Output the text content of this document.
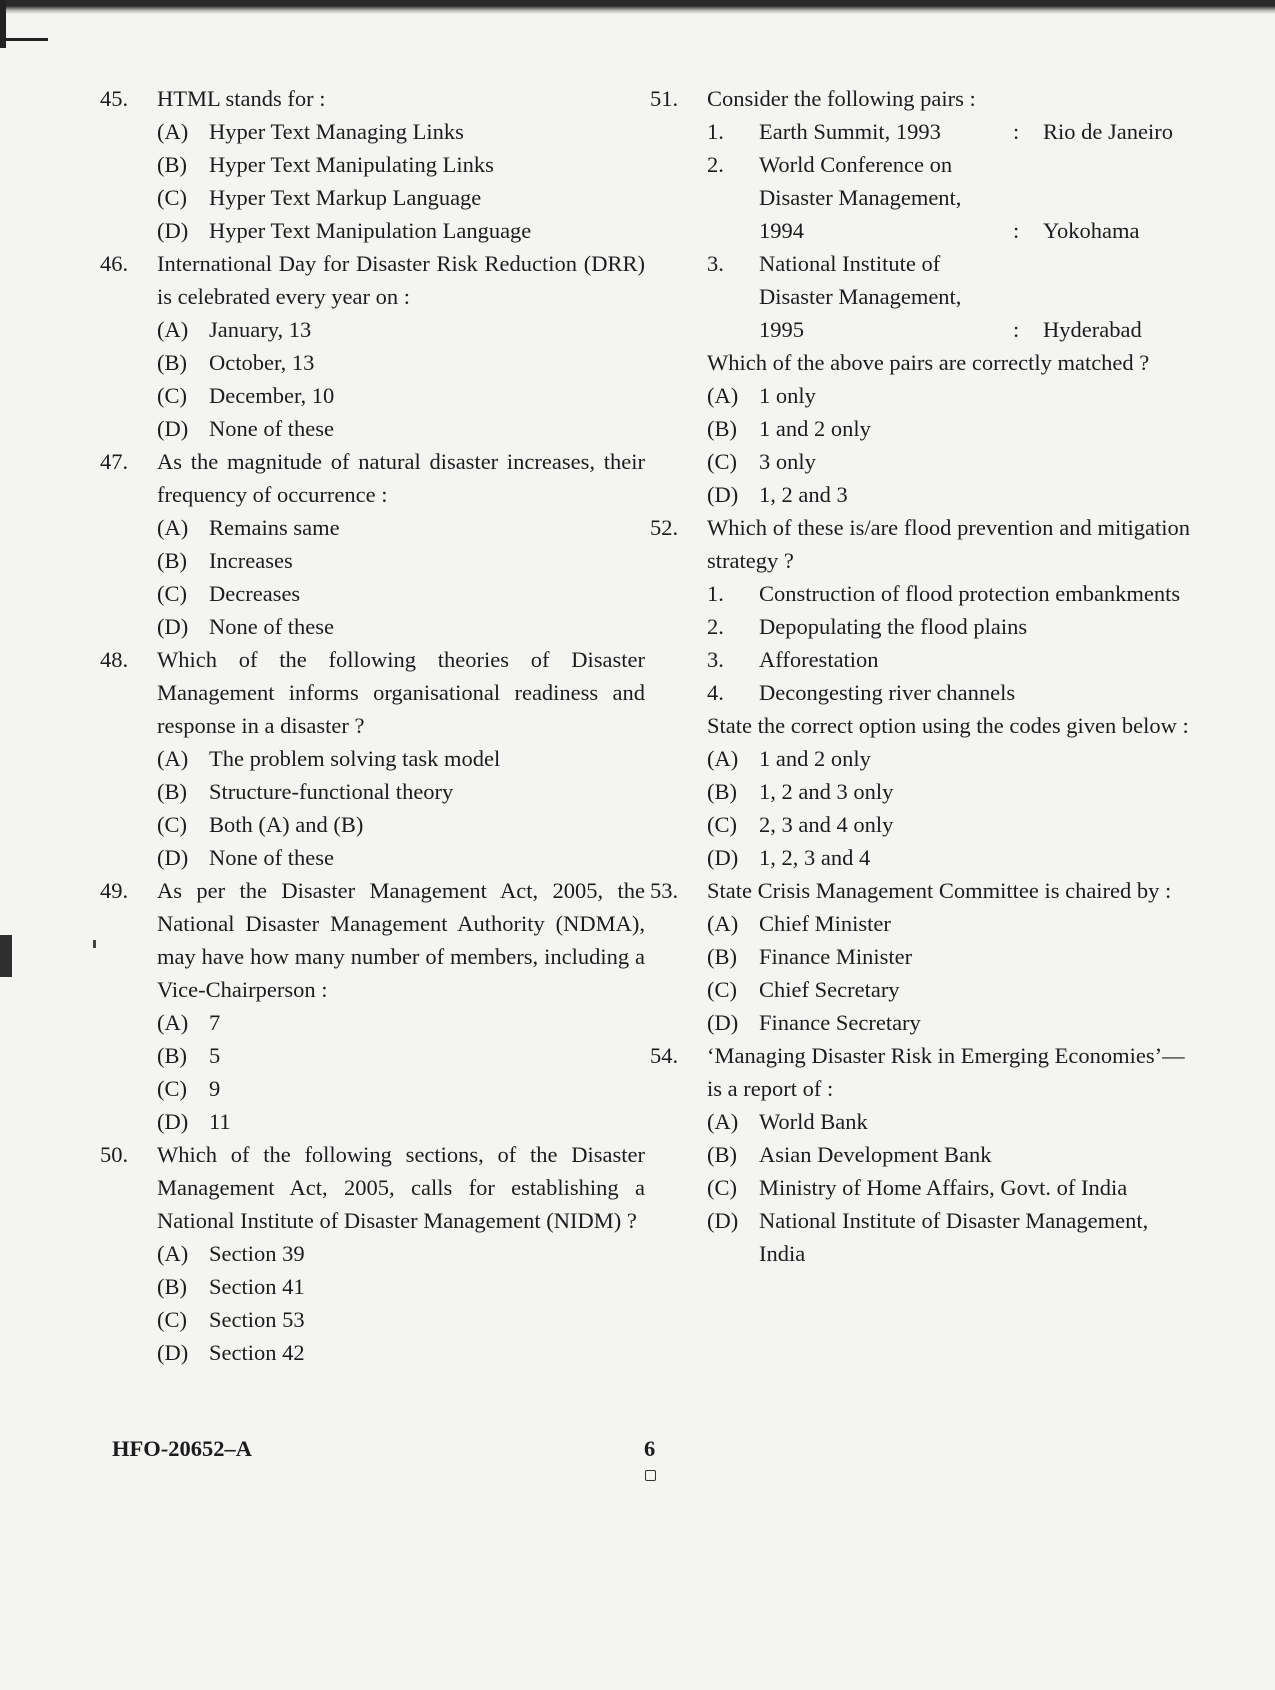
45. HTML stands for :
(A) Hyper Text Managing Links
(B) Hyper Text Manipulating Links
(C) Hyper Text Markup Language
(D) Hyper Text Manipulation Language
46. International Day for Disaster Risk Reduction (DRR) is celebrated every year on :
(A) January, 13
(B) October, 13
(C) December, 10
(D) None of these
47. As the magnitude of natural disaster increases, their frequency of occurrence :
(A) Remains same
(B) Increases
(C) Decreases
(D) None of these
48. Which of the following theories of Disaster Management informs organisational readiness and response in a disaster ?
(A) The problem solving task model
(B) Structure-functional theory
(C) Both (A) and (B)
(D) None of these
49. As per the Disaster Management Act, 2005, the National Disaster Management Authority (NDMA), may have how many number of members, including a Vice-Chairperson :
(A) 7
(B) 5
(C) 9
(D) 11
50. Which of the following sections, of the Disaster Management Act, 2005, calls for establishing a National Institute of Disaster Management (NIDM) ?
(A) Section 39
(B) Section 41
(C) Section 53
(D) Section 42
51. Consider the following pairs :
1. Earth Summit, 1993	:	Rio de Janeiro
2. World Conference on Disaster Management, 1994	:	Yokohama
3. National Institute of Disaster Management, 1995	:	Hyderabad
Which of the above pairs are correctly matched ?
(A) 1 only
(B) 1 and 2 only
(C) 3 only
(D) 1, 2 and 3
52. Which of these is/are flood prevention and mitigation strategy ?
1. Construction of flood protection embankments
2. Depopulating the flood plains
3. Afforestation
4. Decongesting river channels
State the correct option using the codes given below :
(A) 1 and 2 only
(B) 1, 2 and 3 only
(C) 2, 3 and 4 only
(D) 1, 2, 3 and 4
53. State Crisis Management Committee is chaired by :
(A) Chief Minister
(B) Finance Minister
(C) Chief Secretary
(D) Finance Secretary
54. ‘Managing Disaster Risk in Emerging Economies’— is a report of :
(A) World Bank
(B) Asian Development Bank
(C) Ministry of Home Affairs, Govt. of India
(D) National Institute of Disaster Management, India
HFO-20652–A	6
